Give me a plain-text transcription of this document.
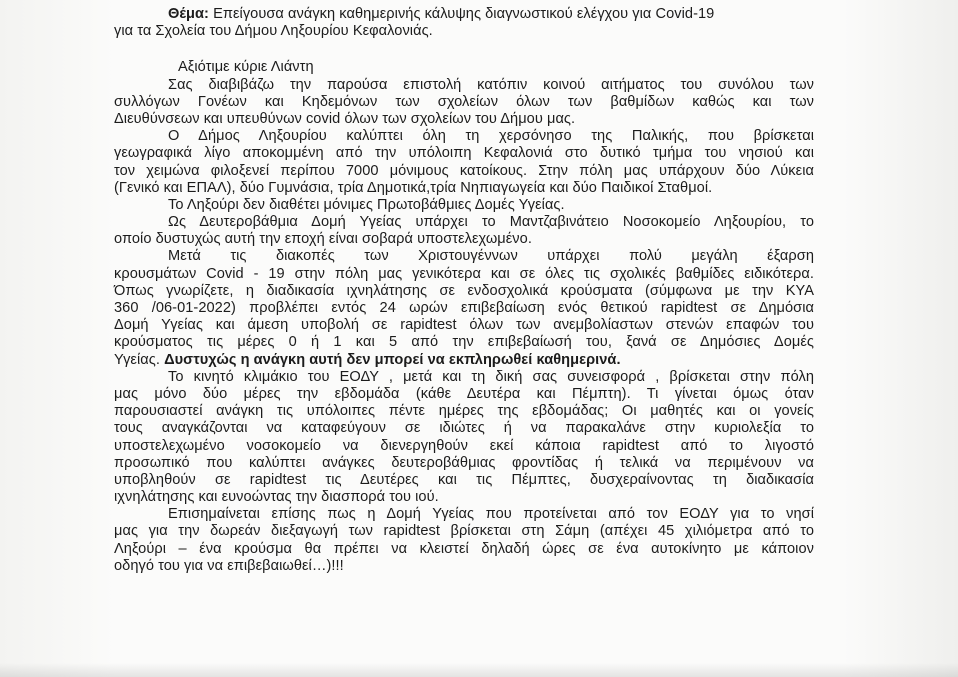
Θέμα: Επείγουσα ανάγκη καθημερινής κάλυψης διαγνωστικού ελέγχου για Covid-19
για τα Σχολεία του Δήμου Ληξουρίου Κεφαλονιάς.
Αξιότιμε κύριε Λιάντη
Σας διαβιβάζω την παρούσα επιστολή κατόπιν κοινού αιτήματος του συνόλου των
συλλόγων Γονέων και Κηδεμόνων των σχολείων όλων των βαθμίδων καθώς και των
Διευθύνσεων και υπευθύνων covid όλων των σχολείων του Δήμου μας.
Ο Δήμος Ληξουρίου καλύπτει όλη τη χερσόνησο της Παλικής, που βρίσκεται
γεωγραφικά λίγο αποκομμένη από την υπόλοιπη Κεφαλονιά στο δυτικό τμήμα του νησιού και
τον χειμώνα φιλοξενεί περίπου 7000 μόνιμους κατοίκους. Στην πόλη μας υπάρχουν δύο Λύκεια
(Γενικό και ΕΠΑΛ), δύο Γυμνάσια, τρία Δημοτικά,τρία Νηπιαγωγεία και δύο Παιδικοί Σταθμοί.
Το Ληξούρι δεν διαθέτει μόνιμες Πρωτοβάθμιες Δομές Υγείας.
Ως Δευτεροβάθμια Δομή Υγείας υπάρχει το Μαντζαβινάτειο Νοσοκομείο Ληξουρίου, το
οποίο δυστυχώς αυτή την εποχή είναι σοβαρά υποστελεχωμένο.
Μετά τις διακοπές των Χριστουγέννων υπάρχει πολύ μεγάλη έξαρση
κρουσμάτων Covid - 19 στην πόλη μας γενικότερα και σε όλες τις σχολικές βαθμίδες ειδικότερα.
Όπως γνωρίζετε, η διαδικασία ιχνηλάτησης σε ενδοσχολικά κρούσματα (σύμφωνα με την ΚΥΑ
360 /06-01-2022) προβλέπει εντός 24 ωρών επιβεβαίωση ενός θετικού rapidtest σε Δημόσια
Δομή Υγείας και άμεση υποβολή σε rapidtest όλων των ανεμβολίαστων στενών επαφών του
κρούσματος τις μέρες 0 ή 1 και 5 από την επιβεβαίωσή του, ξανά σε Δημόσιες Δομές
Υγείας. Δυστυχώς η ανάγκη αυτή δεν μπορεί να εκπληρωθεί καθημερινά.
Το κινητό κλιμάκιο του ΕΟΔΥ , μετά και τη δική σας συνεισφορά , βρίσκεται στην πόλη
μας μόνο δύο μέρες την εβδομάδα (κάθε Δευτέρα και Πέμπτη). Τι γίνεται όμως όταν
παρουσιαστεί ανάγκη τις υπόλοιπες πέντε ημέρες της εβδομάδας; Οι μαθητές και οι γονείς
τους αναγκάζονται να καταφεύγουν σε ιδιώτες ή να παρακαλάνε στην κυριολεξία το
υποστελεχωμένο νοσοκομείο να διενεργηθούν εκεί κάποια rapidtest από το λιγοστό
προσωπικό που καλύπτει ανάγκες δευτεροβάθμιας φροντίδας ή τελικά να περιμένουν να
υποβληθούν σε rapidtest τις Δευτέρες και τις Πέμπτες, δυσχεραίνοντας τη διαδικασία
ιχνηλάτησης και ευνοώντας την διασπορά του ιού.
Επισημαίνεται επίσης πως η Δομή Υγείας που προτείνεται από τον ΕΟΔΥ για το νησί
μας για την δωρεάν διεξαγωγή των rapidtest βρίσκεται στη Σάμη (απέχει 45 χιλιόμετρα από το
Ληξούρι – ένα κρούσμα θα πρέπει να κλειστεί δηλαδή ώρες σε ένα αυτοκίνητο με κάποιον
οδηγό του για να επιβεβαιωθεί…)!!!
